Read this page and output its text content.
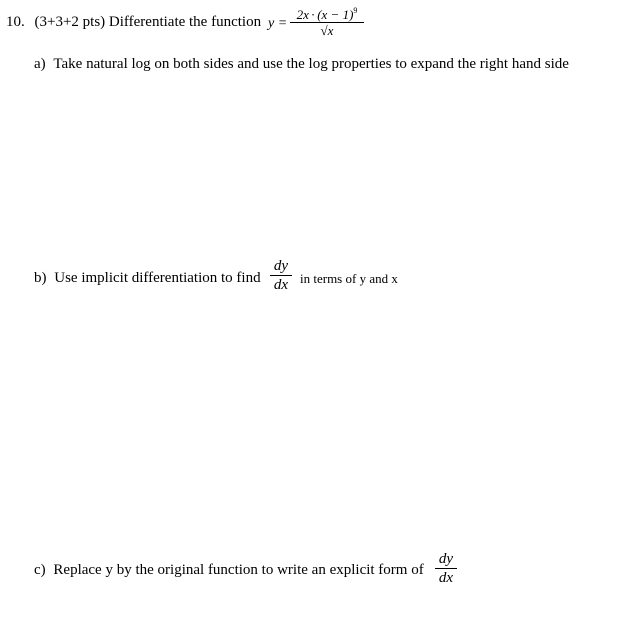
10. (3+3+2 pts) Differentiate the function y =
$2x \cdot (x - 1)^9$
√x
a) Take natural log on both sides and use the log properties to expand the right hand side
b) Use implicit differentiation to find
dy
dx in terms of y and x
c) Replace y by the original function to write an explicit form of
dy
dx
